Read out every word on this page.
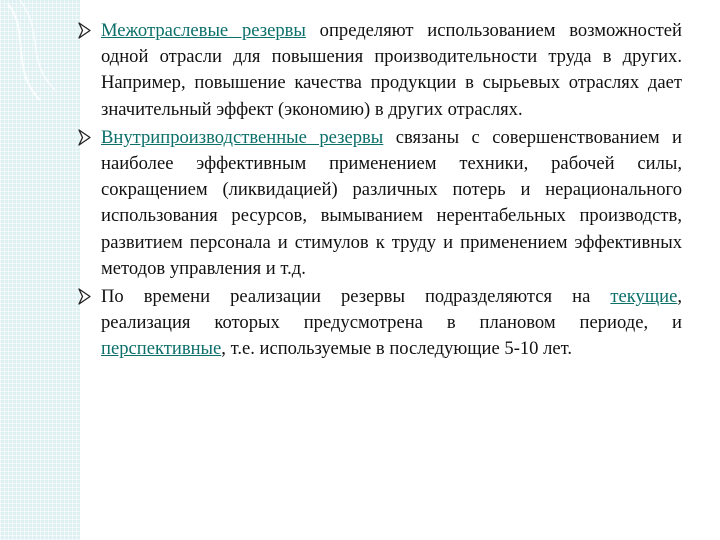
Межотраслевые резервы определяют использованием возможностей одной отрасли для повышения производительности труда в других. Например, повышение качества продукции в сырьевых отраслях дает значительный эффект (экономию) в других отраслях.

Внутрипроизводственные резервы связаны с совершенствованием и наиболее эффективным применением техники, рабочей силы, сокращением (ликвидацией) различных потерь и нерационального использования ресурсов, вымыванием нерентабельных производств, развитием персонала и стимулов к труду и применением эффективных методов управления и т.д.

По времени реализации резервы подразделяются на текущие, реализация которых предусмотрена в плановом периоде, и перспективные, т.е. используемые в последующие 5-10 лет.
